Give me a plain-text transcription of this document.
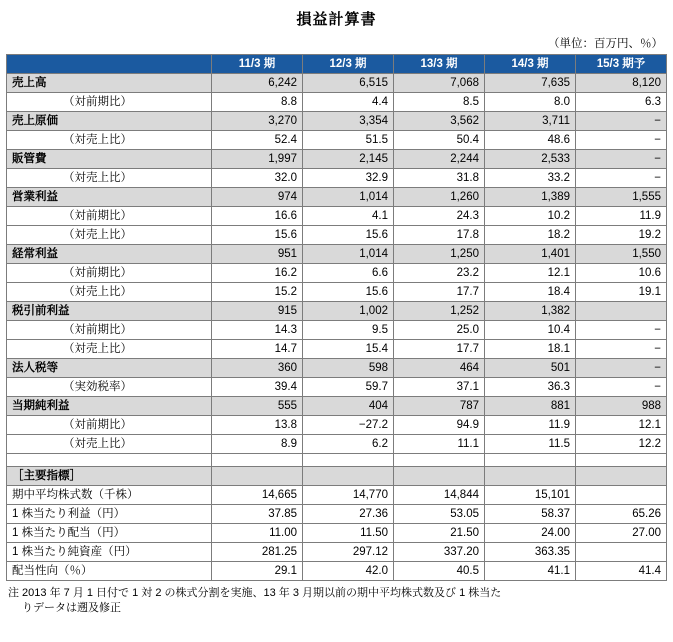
損益計算書
（単位：百万円、％）
	11/3 期	12/3 期	13/3 期	14/3 期	15/3 期予
売上高	6,242	6,515	7,068	7,635	8,120
（対前期比）	8.8	4.4	8.5	8.0	6.3
売上原価	3,270	3,354	3,562	3,711	−
（対売上比）	52.4	51.5	50.4	48.6	−
販管費	1,997	2,145	2,244	2,533	−
（対売上比）	32.0	32.9	31.8	33.2	−
営業利益	974	1,014	1,260	1,389	1,555
（対前期比）	16.6	4.1	24.3	10.2	11.9
（対売上比）	15.6	15.6	17.8	18.2	19.2
経常利益	951	1,014	1,250	1,401	1,550
（対前期比）	16.2	6.6	23.2	12.1	10.6
（対売上比）	15.2	15.6	17.7	18.4	19.1
税引前利益	915	1,002	1,252	1,382	
（対前期比）	14.3	9.5	25.0	10.4	−
（対売上比）	14.7	15.4	17.7	18.1	−
法人税等	360	598	464	501	−
（実効税率）	39.4	59.7	37.1	36.3	−
当期純利益	555	404	787	881	988
（対前期比）	13.8	−27.2	94.9	11.9	12.1
（対売上比）	8.9	6.2	11.1	11.5	12.2

［主要指標］					
期中平均株式数（千株）	14,665	14,770	14,844	15,101	
1 株当たり利益（円）	37.85	27.36	53.05	58.37	65.26
1 株当たり配当（円）	11.00	11.50	21.50	24.00	27.00
1 株当たり純資産（円）	281.25	297.12	337.20	363.35	
配当性向（％）	29.1	42.0	40.5	41.1	41.4
注 2013 年 7 月 1 日付で 1 対 2 の株式分割を実施、13 年 3 月期以前の期中平均株式数及び 1 株当た
りデータは遡及修正
